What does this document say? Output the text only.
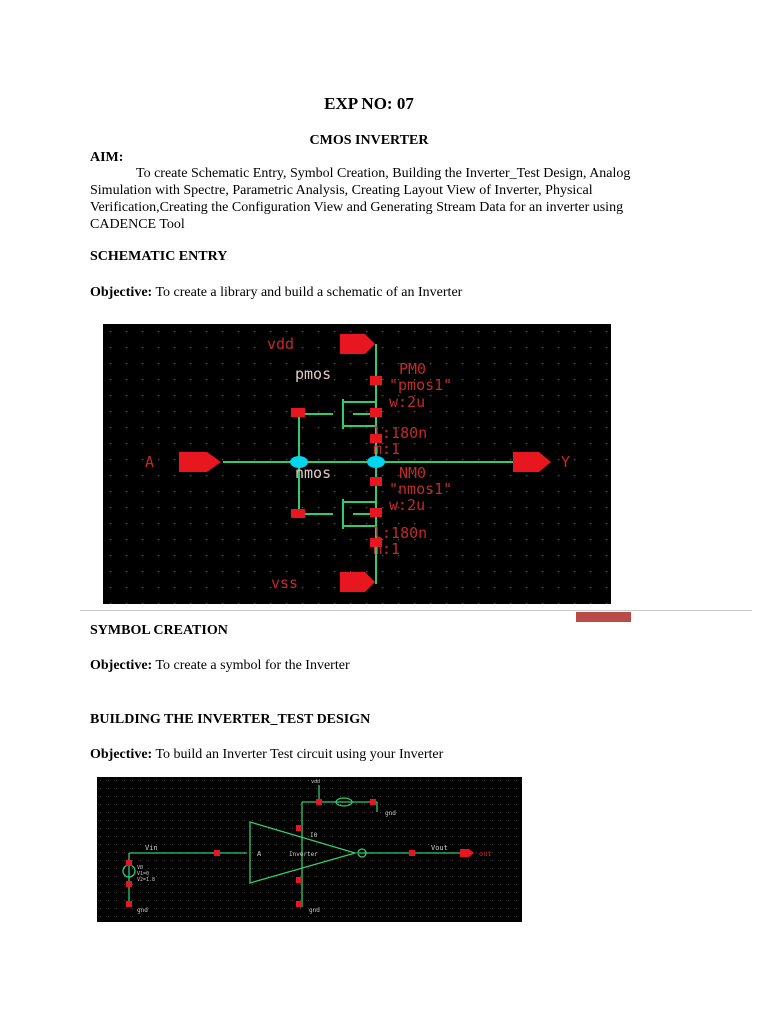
EXP NO: 07
CMOS INVERTER
AIM:
To create Schematic Entry, Symbol Creation, Building the Inverter_Test Design, Analog Simulation with Spectre, Parametric Analysis, Creating Layout View of Inverter, Physical Verification,Creating the Configuration View and Generating Stream Data for an inverter using CADENCE Tool
SCHEMATIC ENTRY
Objective: To create a library and build a schematic of an Inverter
vdd
vss
A	Y
pmos
nmos
PM0
"pmos1"
w:2u
l:180n
m:1
NM0
"nmos1"
w:2u
l:180n
m:1
SYMBOL CREATION
Objective: To create a symbol for the Inverter
BUILDING THE INVERTER_TEST DESIGN
Objective: To build an Inverter Test circuit using your Inverter
Vin	Vout
out
A	Inverter
I0
V0
V1=0
V2=1.8
vdd
gnd	gnd
gnd
